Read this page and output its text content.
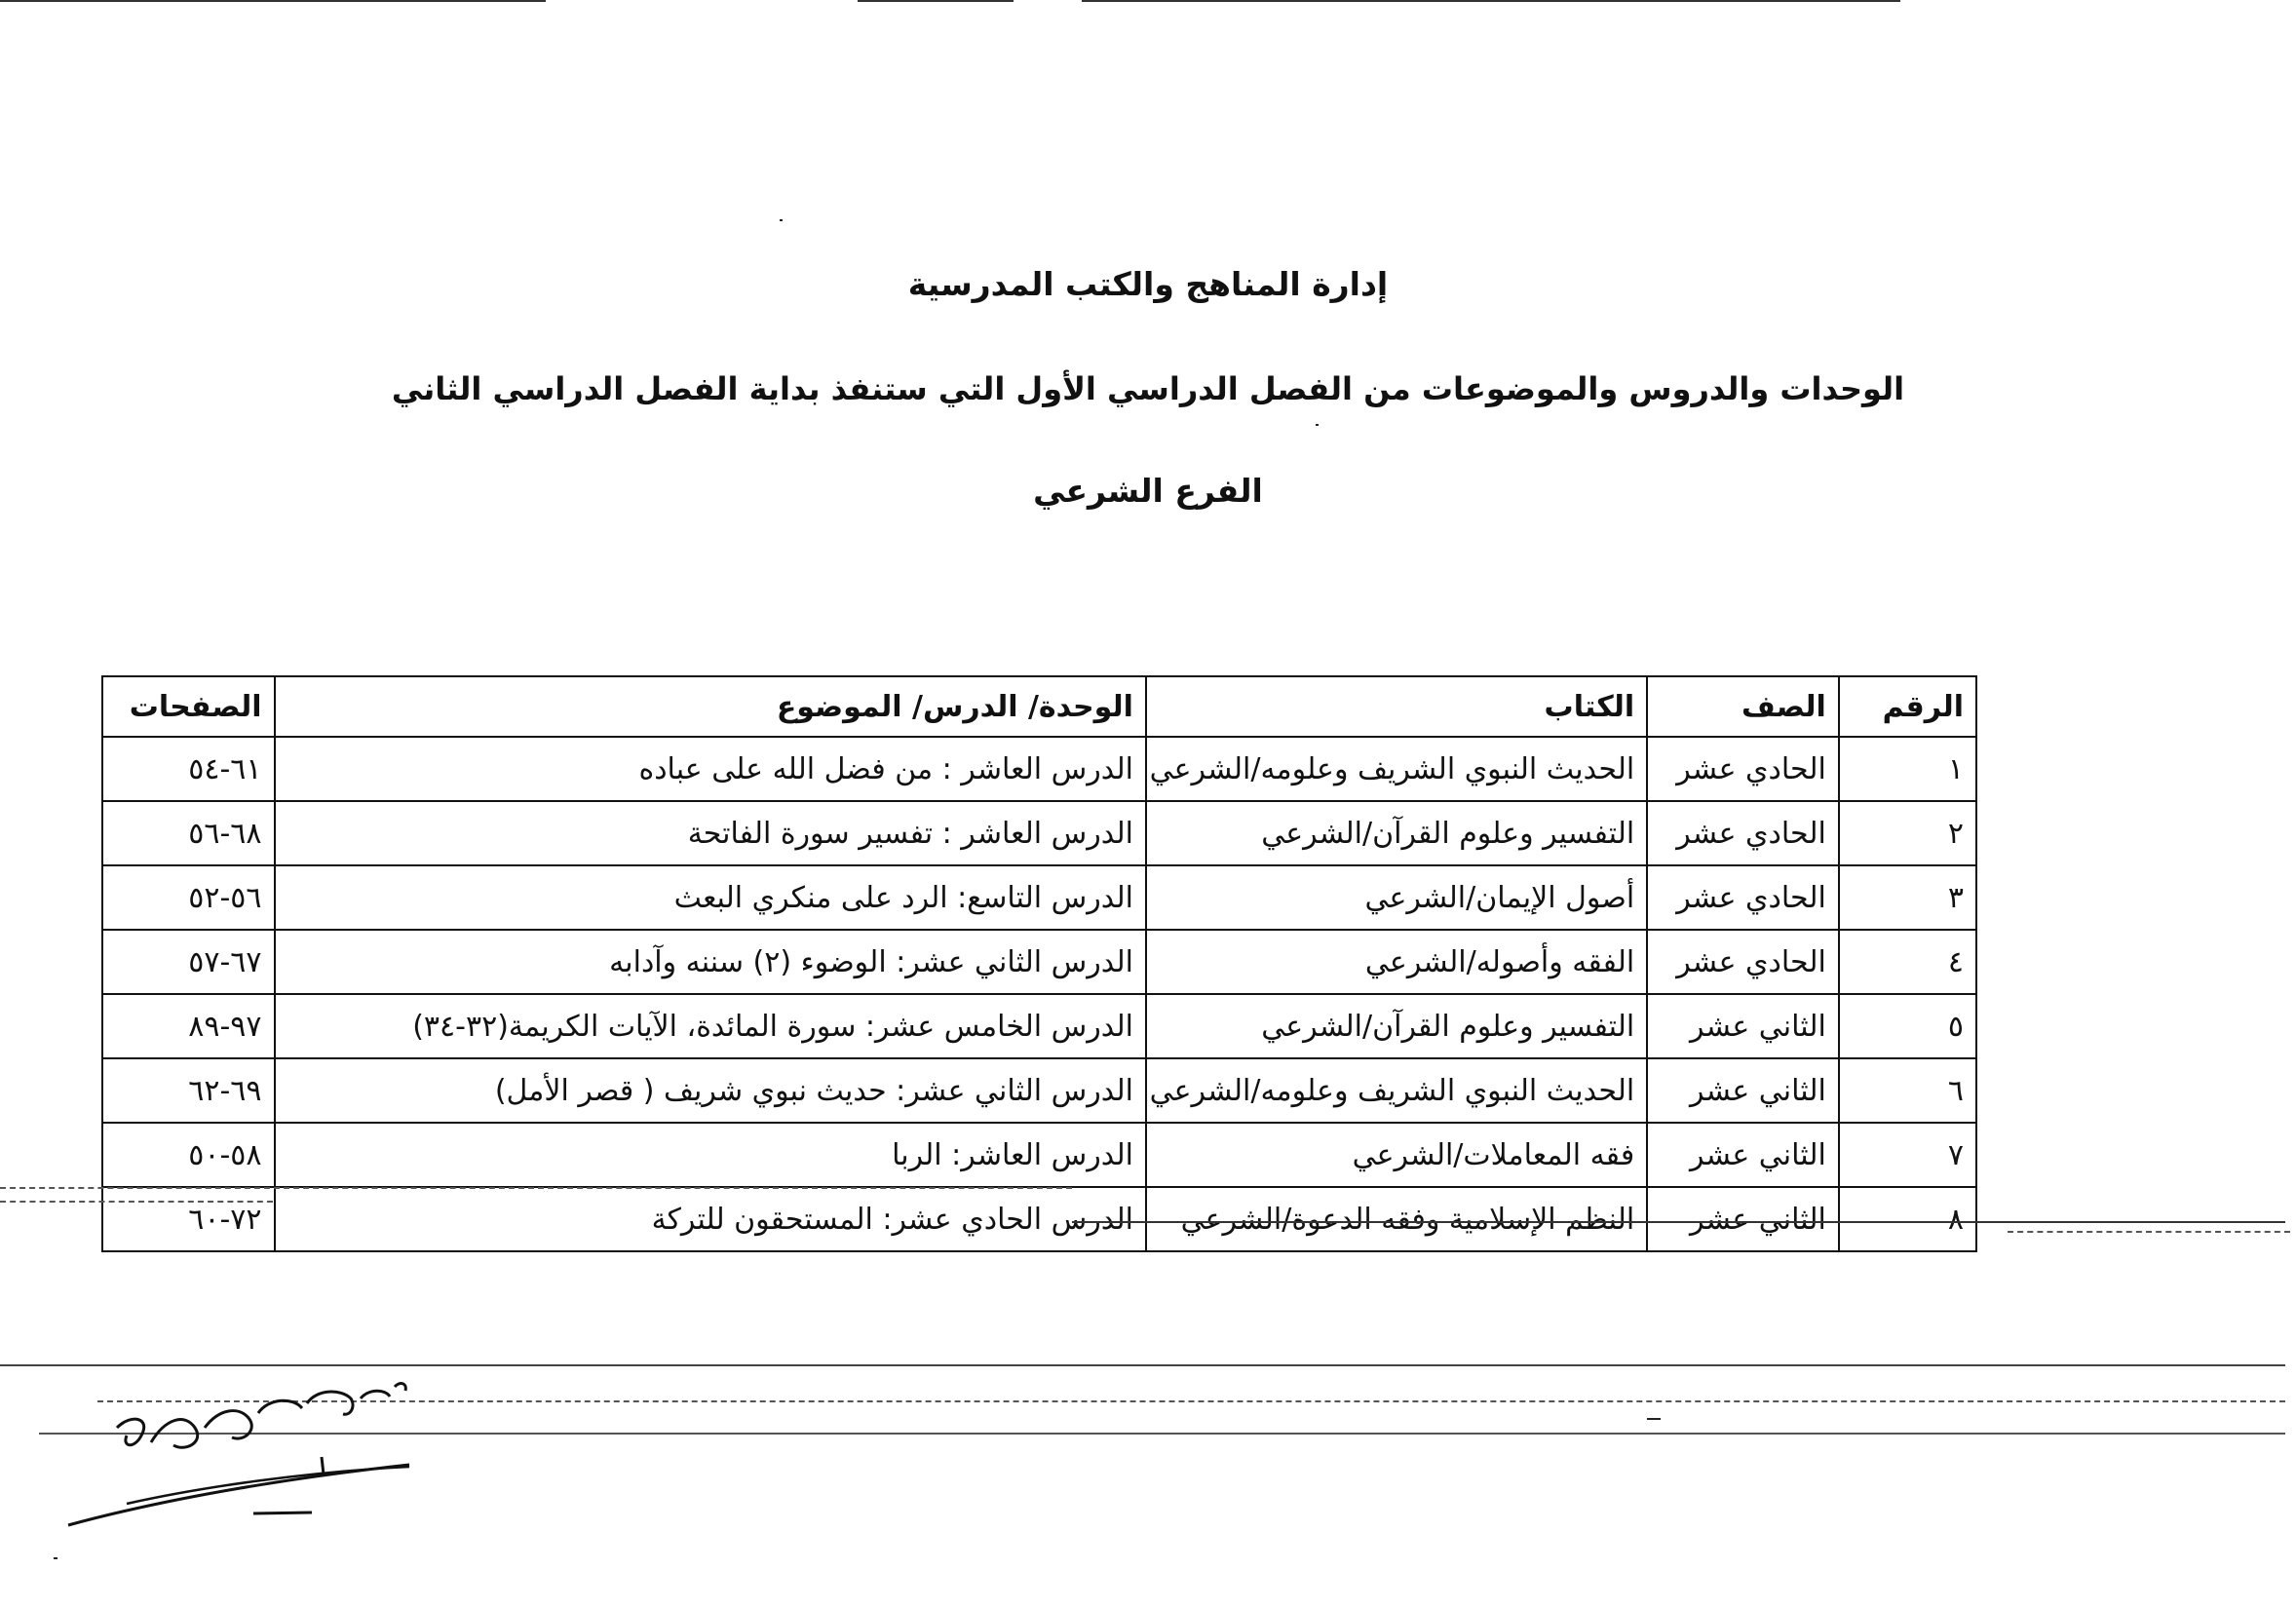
إدارة المناهج والكتب المدرسية
الوحدات والدروس والموضوعات من الفصل الدراسي الأول التي ستنفذ بداية الفصل الدراسي الثاني
الفرع الشرعي
الرقم	الصف	الكتاب	الوحدة/ الدرس/ الموضوع	الصفحات
١	الحادي عشر	الحديث النبوي الشريف وعلومه/الشرعي	الدرس العاشر : من فضل الله على عباده	٦١-٥٤
٢	الحادي عشر	التفسير وعلوم القرآن/الشرعي	الدرس العاشر : تفسير سورة الفاتحة	٦٨-٥٦
٣	الحادي عشر	أصول الإيمان/الشرعي	الدرس التاسع: الرد على منكري البعث	٥٦-٥٢
٤	الحادي عشر	الفقه وأصوله/الشرعي	الدرس الثاني عشر: الوضوء (٢) سننه وآدابه	٦٧-٥٧
٥	الثاني عشر	التفسير وعلوم القرآن/الشرعي	الدرس الخامس عشر: سورة المائدة، الآيات الكريمة(٣٢-٣٤)	٩٧-٨٩
٦	الثاني عشر	الحديث النبوي الشريف وعلومه/الشرعي	الدرس الثاني عشر: حديث نبوي شريف ( قصر الأمل)	٦٩-٦٢
٧	الثاني عشر	فقه المعاملات/الشرعي	الدرس العاشر: الربا	٥٨-٥٠
٨	الثاني عشر	النظم الإسلامية وفقه الدعوة/الشرعي	الدرس الحادي عشر: المستحقون للتركة	٧٢-٦٠
